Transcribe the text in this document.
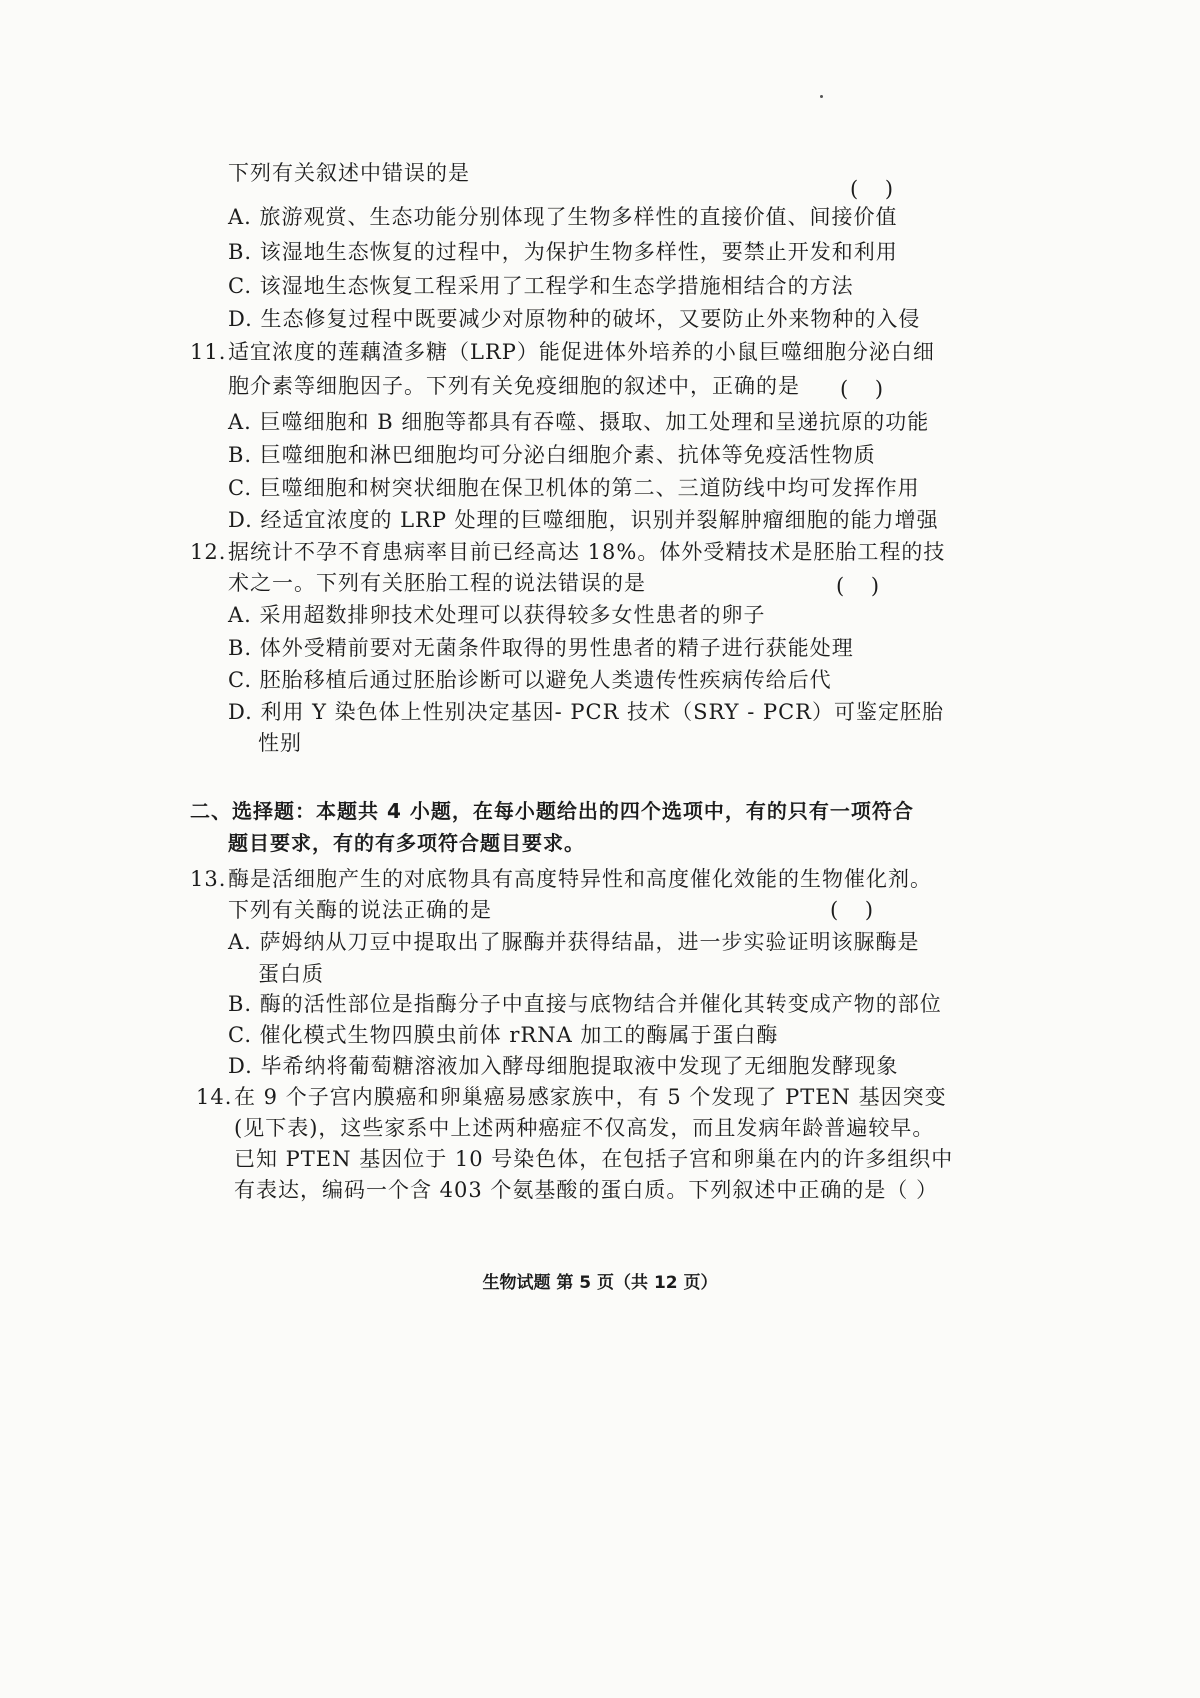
下列有关叙述中错误的是
(    )
A. 旅游观赏、生态功能分别体现了生物多样性的直接价值、间接价值
B. 该湿地生态恢复的过程中，为保护生物多样性，要禁止开发和利用
C. 该湿地生态恢复工程采用了工程学和生态学措施相结合的方法
D. 生态修复过程中既要减少对原物种的破坏，又要防止外来物种的入侵
11. 适宜浓度的莲藕渣多糖（LRP）能促进体外培养的小鼠巨噬细胞分泌白细
胞介素等细胞因子。下列有关免疫细胞的叙述中，正确的是 (    )
A. 巨噬细胞和 B 细胞等都具有吞噬、摄取、加工处理和呈递抗原的功能
B. 巨噬细胞和淋巴细胞均可分泌白细胞介素、抗体等免疫活性物质
C. 巨噬细胞和树突状细胞在保卫机体的第二、三道防线中均可发挥作用
D. 经适宜浓度的 LRP 处理的巨噬细胞，识别并裂解肿瘤细胞的能力增强
12. 据统计不孕不育患病率目前已经高达 18%。体外受精技术是胚胎工程的技
术之一。下列有关胚胎工程的说法错误的是	(    )
A. 采用超数排卵技术处理可以获得较多女性患者的卵子
B. 体外受精前要对无菌条件取得的男性患者的精子进行获能处理
C. 胚胎移植后通过胚胎诊断可以避免人类遗传性疾病传给后代
D. 利用 Y 染色体上性别决定基因- PCR 技术（SRY - PCR）可鉴定胚胎
性别
二、选择题：本题共 4 小题，在每小题给出的四个选项中，有的只有一项符合
题目要求，有的有多项符合题目要求。
13. 酶是活细胞产生的对底物具有高度特异性和高度催化效能的生物催化剂。
下列有关酶的说法正确的是	(    )
A. 萨姆纳从刀豆中提取出了脲酶并获得结晶，进一步实验证明该脲酶是
蛋白质
B. 酶的活性部位是指酶分子中直接与底物结合并催化其转变成产物的部位
C. 催化模式生物四膜虫前体 rRNA 加工的酶属于蛋白酶
D. 毕希纳将葡萄糖溶液加入酵母细胞提取液中发现了无细胞发酵现象
14. 在 9 个子宫内膜癌和卵巢癌易感家族中，有 5 个发现了 PTEN 基因突变
(见下表)，这些家系中上述两种癌症不仅高发，而且发病年龄普遍较早。
已知 PTEN 基因位于 10 号染色体，在包括子宫和卵巢在内的许多组织中
有表达，编码一个含 403 个氨基酸的蛋白质。下列叙述中正确的是（ ）
生物试题 第 5 页（共 12 页）
